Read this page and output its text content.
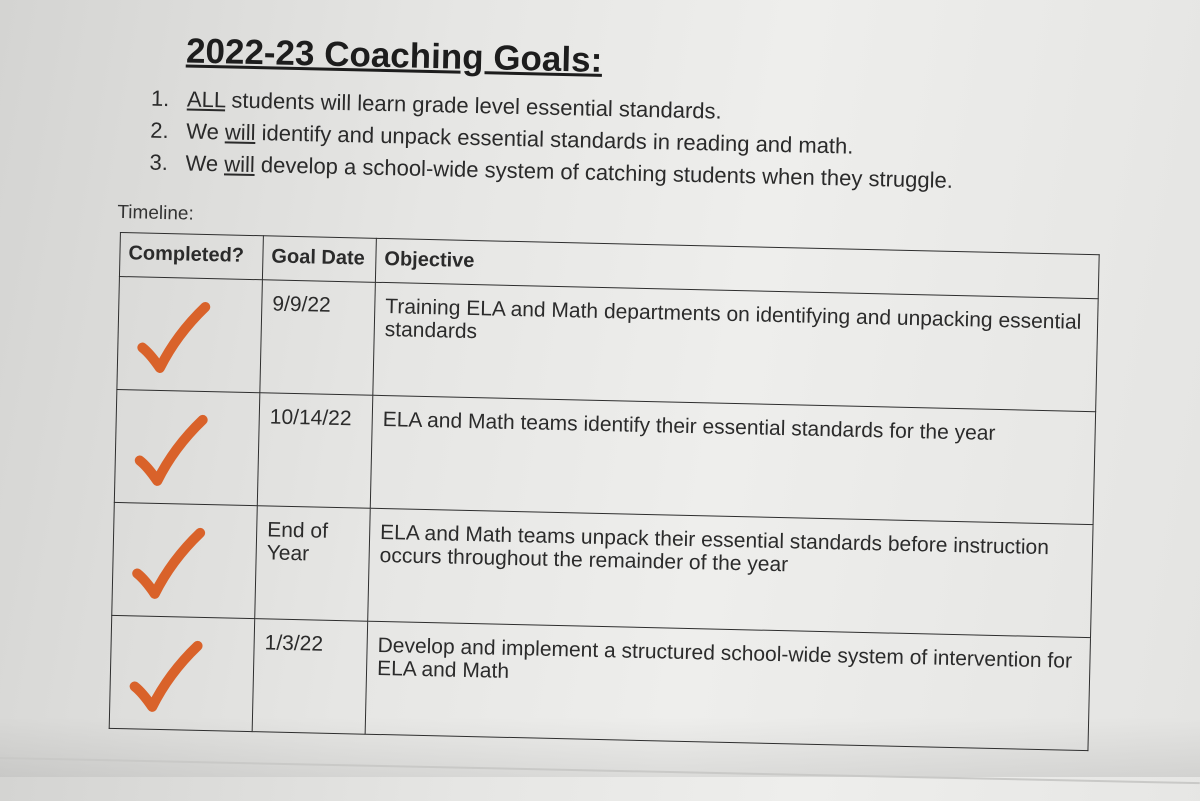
2022-23 Coaching Goals:
1. ALL students will learn grade level essential standards.
2. We will identify and unpack essential standards in reading and math.
3. We will develop a school-wide system of catching students when they struggle.
Timeline:
Completed?	Goal Date	Objective

	9/9/22	Training ELA and Math departments on identifying and unpacking essential standards

	10/14/22	ELA and Math teams identify their essential standards for the year

	End of Year	ELA and Math teams unpack their essential standards before instruction occurs throughout the remainder of the year

	1/3/22	Develop and implement a structured school-wide system of intervention for ELA and Math
